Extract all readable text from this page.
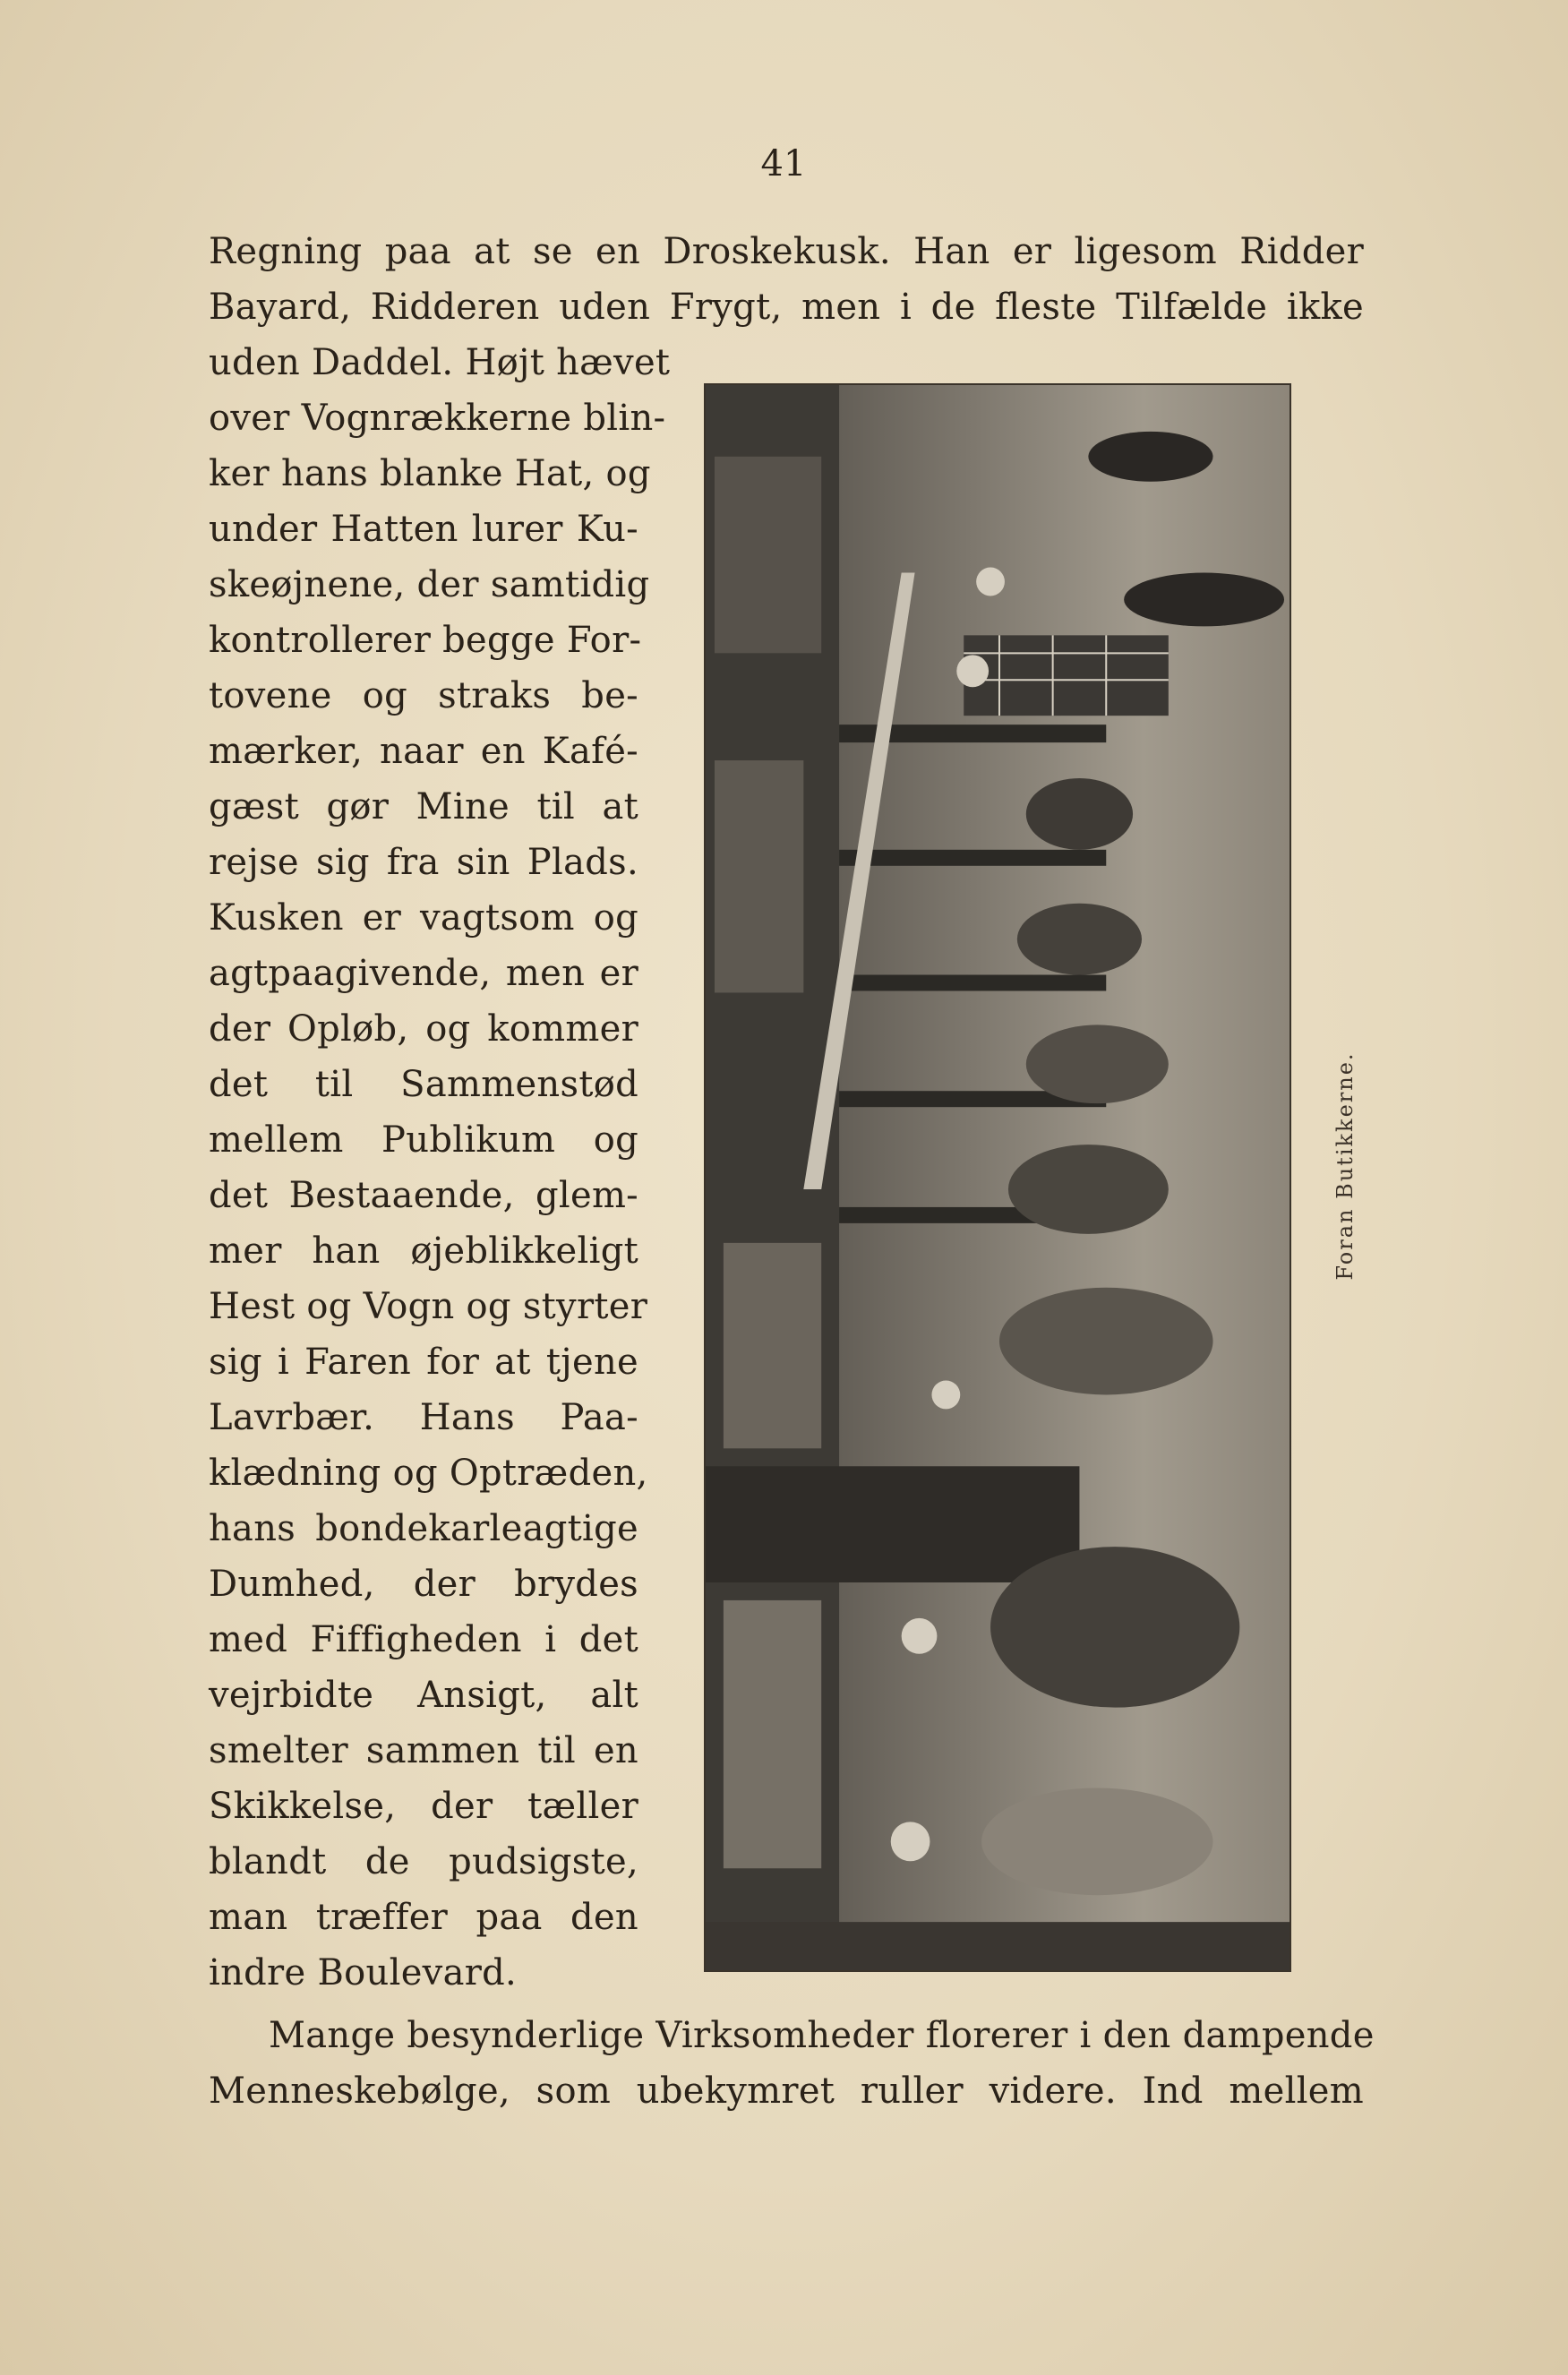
41
Regning paa at se en Droskekusk. Han er ligesom Ridder
Bayard, Ridderen uden Frygt, men i de fleste Tilfælde ikke
uden Daddel. Højt hævet
over Vognrækkerne blin-
ker hans blanke Hat, og
under Hatten lurer Ku-
skeøjnene, der samtidig
kontrollerer begge For-
tovene og straks be-
mærker, naar en Kafé-
gæst gør Mine til at
rejse sig fra sin Plads.
Kusken er vagtsom og
agtpaagivende, men er
der Opløb, og kommer
det til Sammenstød
mellem Publikum og
det Bestaaende, glem-
mer han øjeblikkeligt
Hest og Vogn og styrter
sig i Faren for at tjene
Lavrbær. Hans Paa-
klædning og Optræden,
hans bondekarleagtige
Dumhed, der brydes
med Fiffigheden i det
vejrbidte Ansigt, alt
smelter sammen til en
Skikkelse, der tæller
blandt de pudsigste,
man træffer paa den
indre Boulevard.
Mange besynderlige Virksomheder florerer i den dampende
Menneskebølge, som ubekymret ruller videre. Ind mellem
Foran Butikkerne.
